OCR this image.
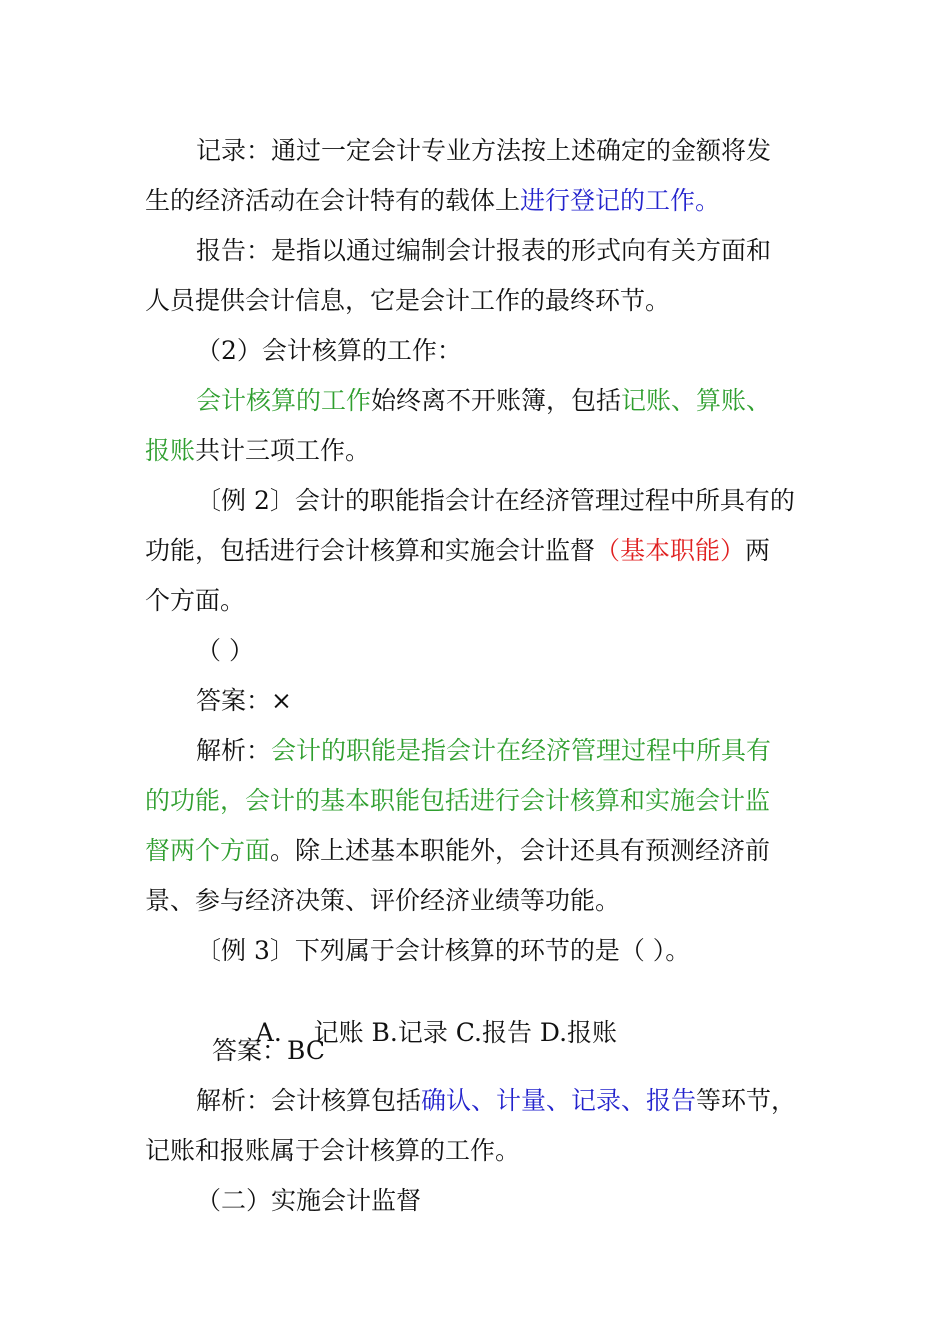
记录：通过一定会计专业方法按上述确定的金额将发
生的经济活动在会计特有的载体上进行登记的工作。
报告：是指以通过编制会计报表的形式向有关方面和
人员提供会计信息，它是会计工作的最终环节。
（2）会计核算的工作：
会计核算的工作始终离不开账簿，包括记账、算账、
报账共计三项工作。
〔例 2〕会计的职能指会计在经济管理过程中所具有的
功能，包括进行会计核算和实施会计监督（基本职能）两
个方面。
（ ）
答案：×
解析：会计的职能是指会计在经济管理过程中所具有
的功能，会计的基本职能包括进行会计核算和实施会计监
督两个方面。除上述基本职能外，会计还具有预测经济前
景、参与经济决策、评价经济业绩等功能。
〔例 3〕下列属于会计核算的环节的是（ ）。

A.    记账 B.记录 C.报告 D.报账

答案：BC
解析：会计核算包括确认、计量、记录、报告等环节，
记账和报账属于会计核算的工作。
（二）实施会计监督
